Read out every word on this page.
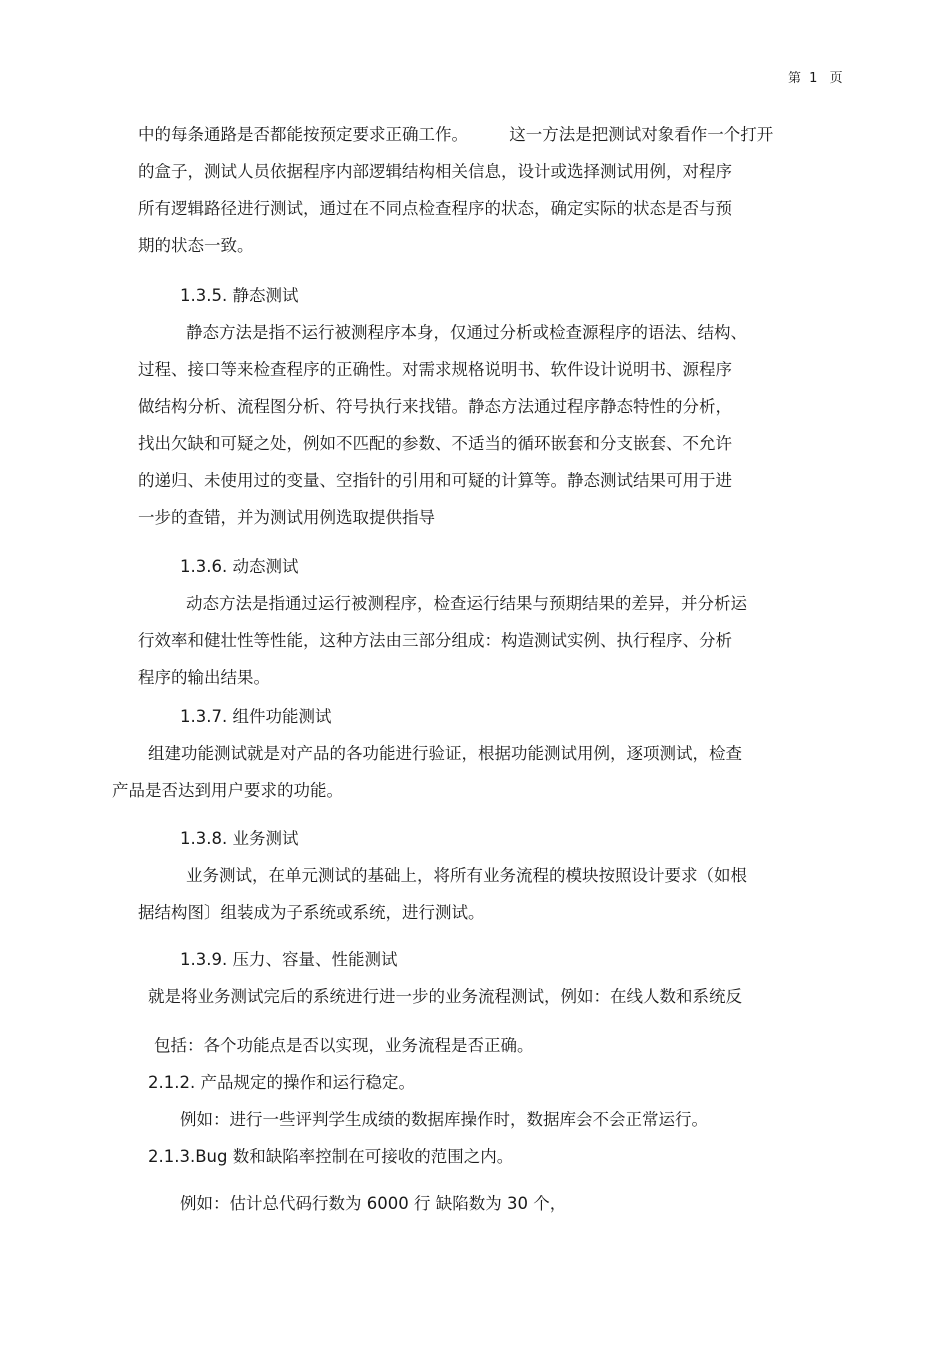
第 1 页
中的每条通路是否都能按预定要求正确工作。　　　这一方法是把测试对象看作一个打开
的盒子，测试人员依据程序内部逻辑结构相关信息，设计或选择测试用例，对程序
所有逻辑路径进行测试，通过在不同点检查程序的状态，确定实际的状态是否与预
期的状态一致。
1.3.5. 静态测试
静态方法是指不运行被测程序本身，仅通过分析或检查源程序的语法、结构、
过程、接口等来检查程序的正确性。对需求规格说明书、软件设计说明书、源程序
做结构分析、流程图分析、符号执行来找错。静态方法通过程序静态特性的分析，
找出欠缺和可疑之处，例如不匹配的参数、不适当的循环嵌套和分支嵌套、不允许
的递归、未使用过的变量、空指针的引用和可疑的计算等。静态测试结果可用于进
一步的查错，并为测试用例选取提供指导
1.3.6. 动态测试
动态方法是指通过运行被测程序，检查运行结果与预期结果的差异，并分析运
行效率和健壮性等性能，这种方法由三部分组成：构造测试实例、执行程序、分析
程序的输出结果。
1.3.7. 组件功能测试
组建功能测试就是对产品的各功能进行验证，根据功能测试用例，逐项测试，检查
产品是否达到用户要求的功能。
1.3.8. 业务测试
业务测试，在单元测试的基础上，将所有业务流程的模块按照设计要求（如根
据结构图〕组装成为子系统或系统，进行测试。
1.3.9. 压力、容量、性能测试
就是将业务测试完后的系统进行进一步的业务流程测试，例如：在线人数和系统反
包括：各个功能点是否以实现，业务流程是否正确。
2.1.2. 产品规定的操作和运行稳定。
例如：进行一些评判学生成绩的数据库操作时，数据库会不会正常运行。
2.1.3.Bug 数和缺陷率控制在可接收的范围之内。
例如：估计总代码行数为 6000 行 缺陷数为 30 个，
